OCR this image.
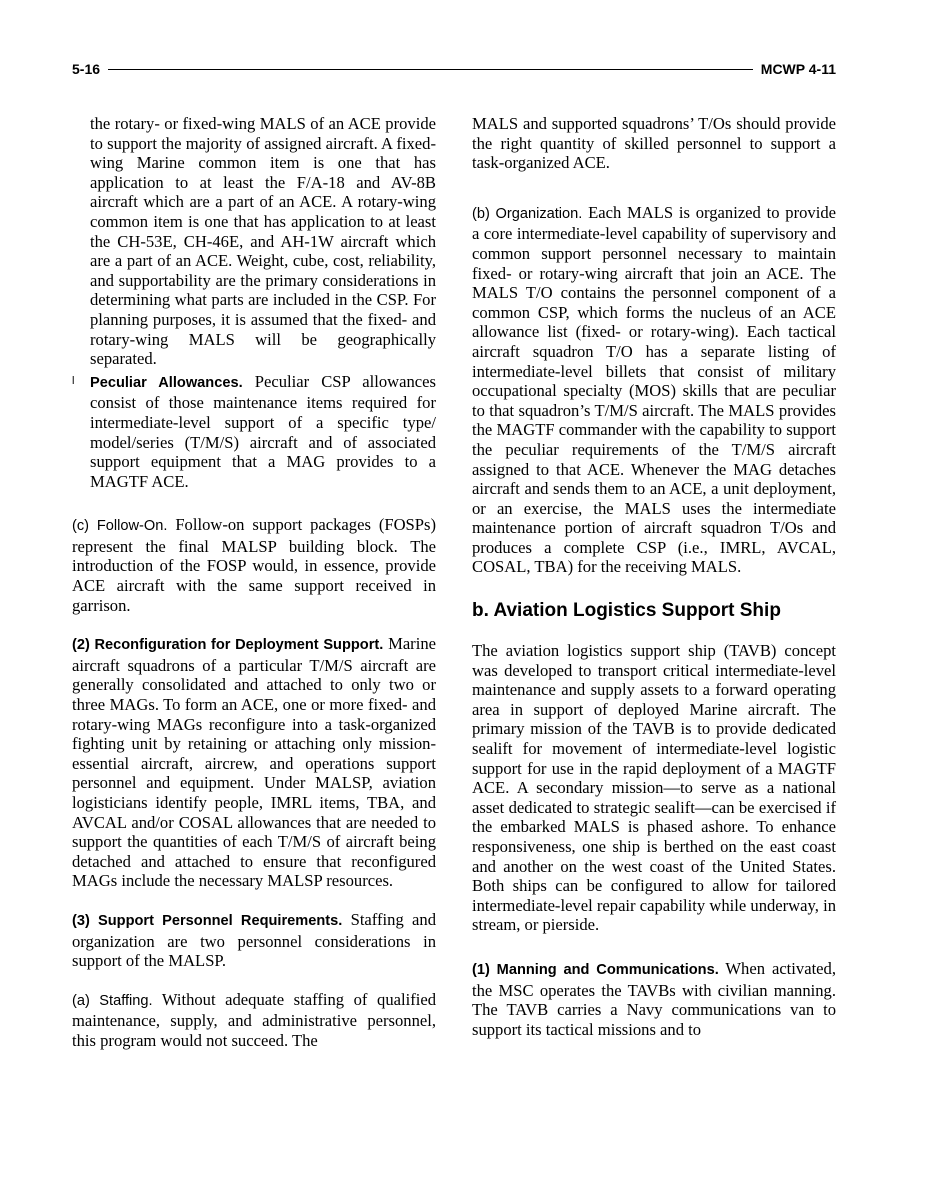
5-16	MCWP 4-11

the rotary- or fixed-wing MALS of an ACE provide to support the majority of assigned aircraft. A fixed-wing Marine common item is one that has application to at least the F/A-18 and AV-8B aircraft which are a part of an ACE. A rotary-wing common item is one that has application to at least the CH-53E, CH-46E, and AH-1W aircraft which are a part of an ACE. Weight, cube, cost, reliability, and supportability are the primary considerations in determining what parts are included in the CSP. For planning purposes, it is assumed that the fixed- and rotary-wing MALS will be geographically separated.

l Peculiar Allowances. Peculiar CSP allowances consist of those maintenance items required for intermediate-level support of a specific type/ model/series (T/M/S) aircraft and of associated support equipment that a MAG provides to a MAGTF ACE.

(c) Follow-On. Follow-on support packages (FOSPs) represent the final MALSP building block. The introduction of the FOSP would, in essence, provide ACE aircraft with the same support received in garrison.

(2) Reconfiguration for Deployment Support. Marine aircraft squadrons of a particular T/M/S aircraft are generally consolidated and attached to only two or three MAGs. To form an ACE, one or more fixed- and rotary-wing MAGs reconfigure into a task-organized fighting unit by retaining or attaching only mission-essential aircraft, aircrew, and operations support personnel and equipment. Under MALSP, aviation logisticians identify people, IMRL items, TBA, and AVCAL and/or COSAL allowances that are needed to support the quantities of each T/M/S of aircraft being detached and attached to ensure that reconfigured MAGs include the necessary MALSP resources.

(3) Support Personnel Requirements. Staffing and organization are two personnel considerations in support of the MALSP.

(a) Staffing. Without adequate staffing of qualified maintenance, supply, and administrative personnel, this program would not succeed. The

MALS and supported squadrons’ T/Os should provide the right quantity of skilled personnel to support a task-organized ACE.

(b) Organization. Each MALS is organized to provide a core intermediate-level capability of supervisory and common support personnel necessary to maintain fixed- or rotary-wing aircraft that join an ACE. The MALS T/O contains the personnel component of a common CSP, which forms the nucleus of an ACE allowance list (fixed- or rotary-wing). Each tactical aircraft squadron T/O has a separate listing of intermediate-level billets that consist of military occupational specialty (MOS) skills that are peculiar to that squadron’s T/M/S aircraft. The MALS provides the MAGTF commander with the capability to support the peculiar requirements of the T/M/S aircraft assigned to that ACE. Whenever the MAG detaches aircraft and sends them to an ACE, a unit deployment, or an exercise, the MALS uses the intermediate maintenance portion of aircraft squadron T/Os and produces a complete CSP (i.e., IMRL, AVCAL, COSAL, TBA) for the receiving MALS.

b. Aviation Logistics Support Ship

The aviation logistics support ship (TAVB) concept was developed to transport critical intermediate-level maintenance and supply assets to a forward operating area in support of deployed Marine aircraft. The primary mission of the TAVB is to provide dedicated sealift for movement of intermediate-level logistic support for use in the rapid deployment of a MAGTF ACE. A secondary mission—to serve as a national asset dedicated to strategic sealift—can be exercised if the embarked MALS is phased ashore. To enhance responsiveness, one ship is berthed on the east coast and another on the west coast of the United States. Both ships can be configured to allow for tailored intermediate-level repair capability while underway, in stream, or pierside.

(1) Manning and Communications. When activated, the MSC operates the TAVBs with civilian manning. The TAVB carries a Navy communications van to support its tactical missions and to
